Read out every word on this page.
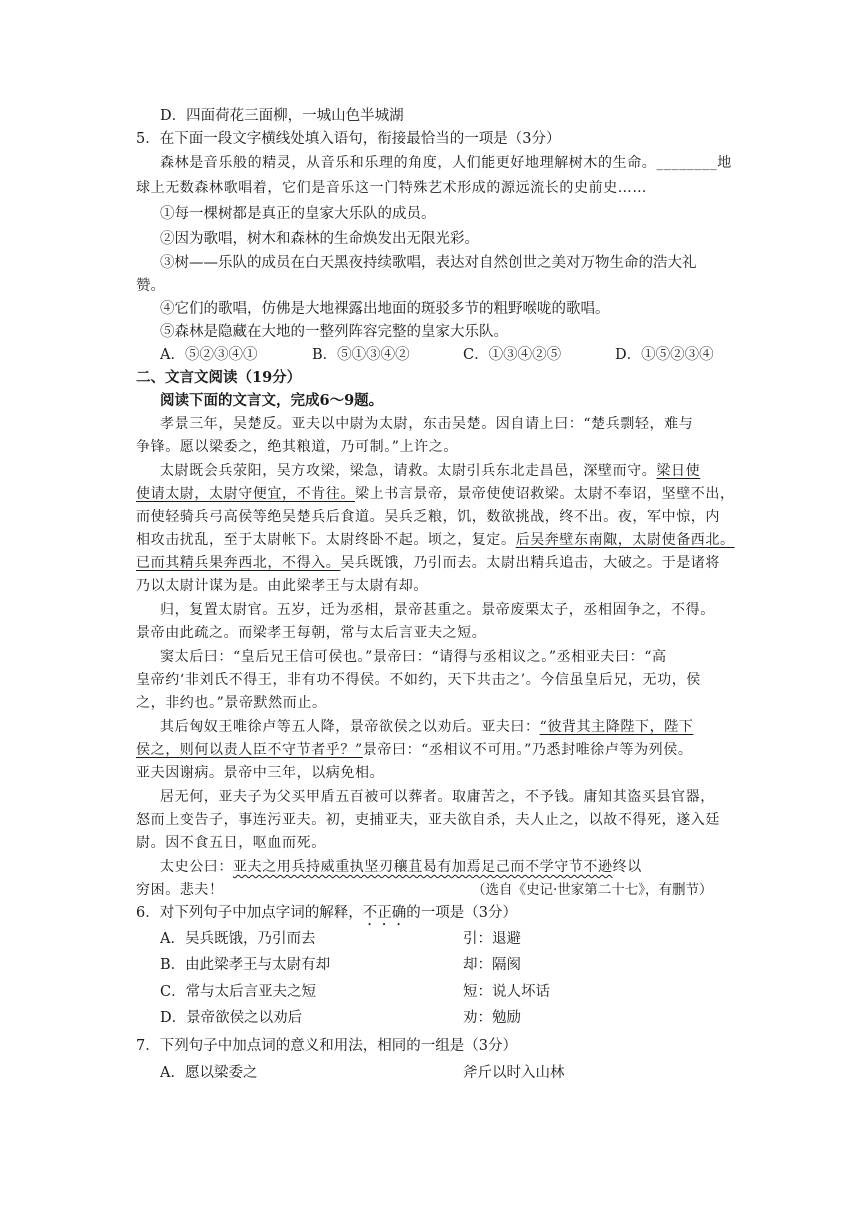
D．四面荷花三面柳，一城山色半城湖
5．在下面一段文字横线处填入语句，衔接最恰当的一项是（3分）
森林是音乐般的精灵，从音乐和乐理的角度，人们能更好地理解树木的生命。________地
球上无数森林歌唱着，它们是音乐这一门特殊艺术形成的源远流长的史前史……
①每一棵树都是真正的皇家大乐队的成员。
②因为歌唱，树木和森林的生命焕发出无限光彩。
③树——乐队的成员在白天黑夜持续歌唱，表达对自然创世之美对万物生命的浩大礼
赞。
④它们的歌唱，仿佛是大地裸露出地面的斑驳多节的粗野喉咙的歌唱。
⑤森林是隐藏在大地的一整列阵容完整的皇家大乐队。
A．⑤②③④①	B．⑤①③④②	C．①③④②⑤	D．①⑤②③④
二、文言文阅读（19分）
阅读下面的文言文，完成6～9题。
孝景三年，吴楚反。亚夫以中尉为太尉，东击吴楚。因自请上曰：“楚兵剽轻，难与
争锋。愿以梁委之，绝其粮道，乃可制。”上许之。
太尉既会兵荥阳，吴方攻梁，梁急，请救。太尉引兵东北走昌邑，深壁而守。梁日使
使请太尉，太尉守便宜，不肯往。梁上书言景帝，景帝使使诏救梁。太尉不奉诏，坚壁不出，
而使轻骑兵弓高侯等绝吴楚兵后食道。吴兵乏粮，饥，数欲挑战，终不出。夜，军中惊，内
相攻击扰乱，至于太尉帐下。太尉终卧不起。顷之，复定。后吴奔壁东南陬，太尉使备西北。
已而其精兵果奔西北，不得入。吴兵既饿，乃引而去。太尉出精兵追击，大破之。于是诸将
乃以太尉计谋为是。由此梁孝王与太尉有却。
归，复置太尉官。五岁，迁为丞相，景帝甚重之。景帝废栗太子，丞相固争之，不得。
景帝由此疏之。而梁孝王每朝，常与太后言亚夫之短。
窦太后曰：“皇后兄王信可侯也。”景帝曰：“请得与丞相议之。”丞相亚夫曰：“高
皇帝约‘非刘氏不得王，非有功不得侯。不如约，天下共击之’。今信虽皇后兄，无功，侯
之，非约也。”景帝默然而止。
其后匈奴王唯徐卢等五人降，景帝欲侯之以劝后。亚夫曰：“彼背其主降陛下，陛下
侯之，则何以责人臣不守节者乎？”景帝曰：“丞相议不可用。”乃悉封唯徐卢等为列侯。
亚夫因谢病。景帝中三年，以病免相。
居无何，亚夫子为父买甲盾五百被可以葬者。取庸苦之，不予钱。庸知其盗买县官器，
怒而上变告子，事连污亚夫。初，吏捕亚夫，亚夫欲自杀，夫人止之，以故不得死，遂入廷
尉。因不食五日，呕血而死。
太史公曰：亚夫之用兵持威重执坚刃穰苴曷有加焉足己而不学守节不逊终以
穷困。悲夫！	（选自《史记·世家第二十七》，有删节）
6．对下列句子中加点字词的解释，不正确的一项是（3分）
A．吴兵既饿，乃引而去	引：退避
B．由此梁孝王与太尉有却	却：隔阂
C．常与太后言亚夫之短	短：说人坏话
D．景帝欲侯之以劝后	劝：勉励
7．下列句子中加点词的意义和用法，相同的一组是（3分）
A．愿以梁委之	斧斤以时入山林
